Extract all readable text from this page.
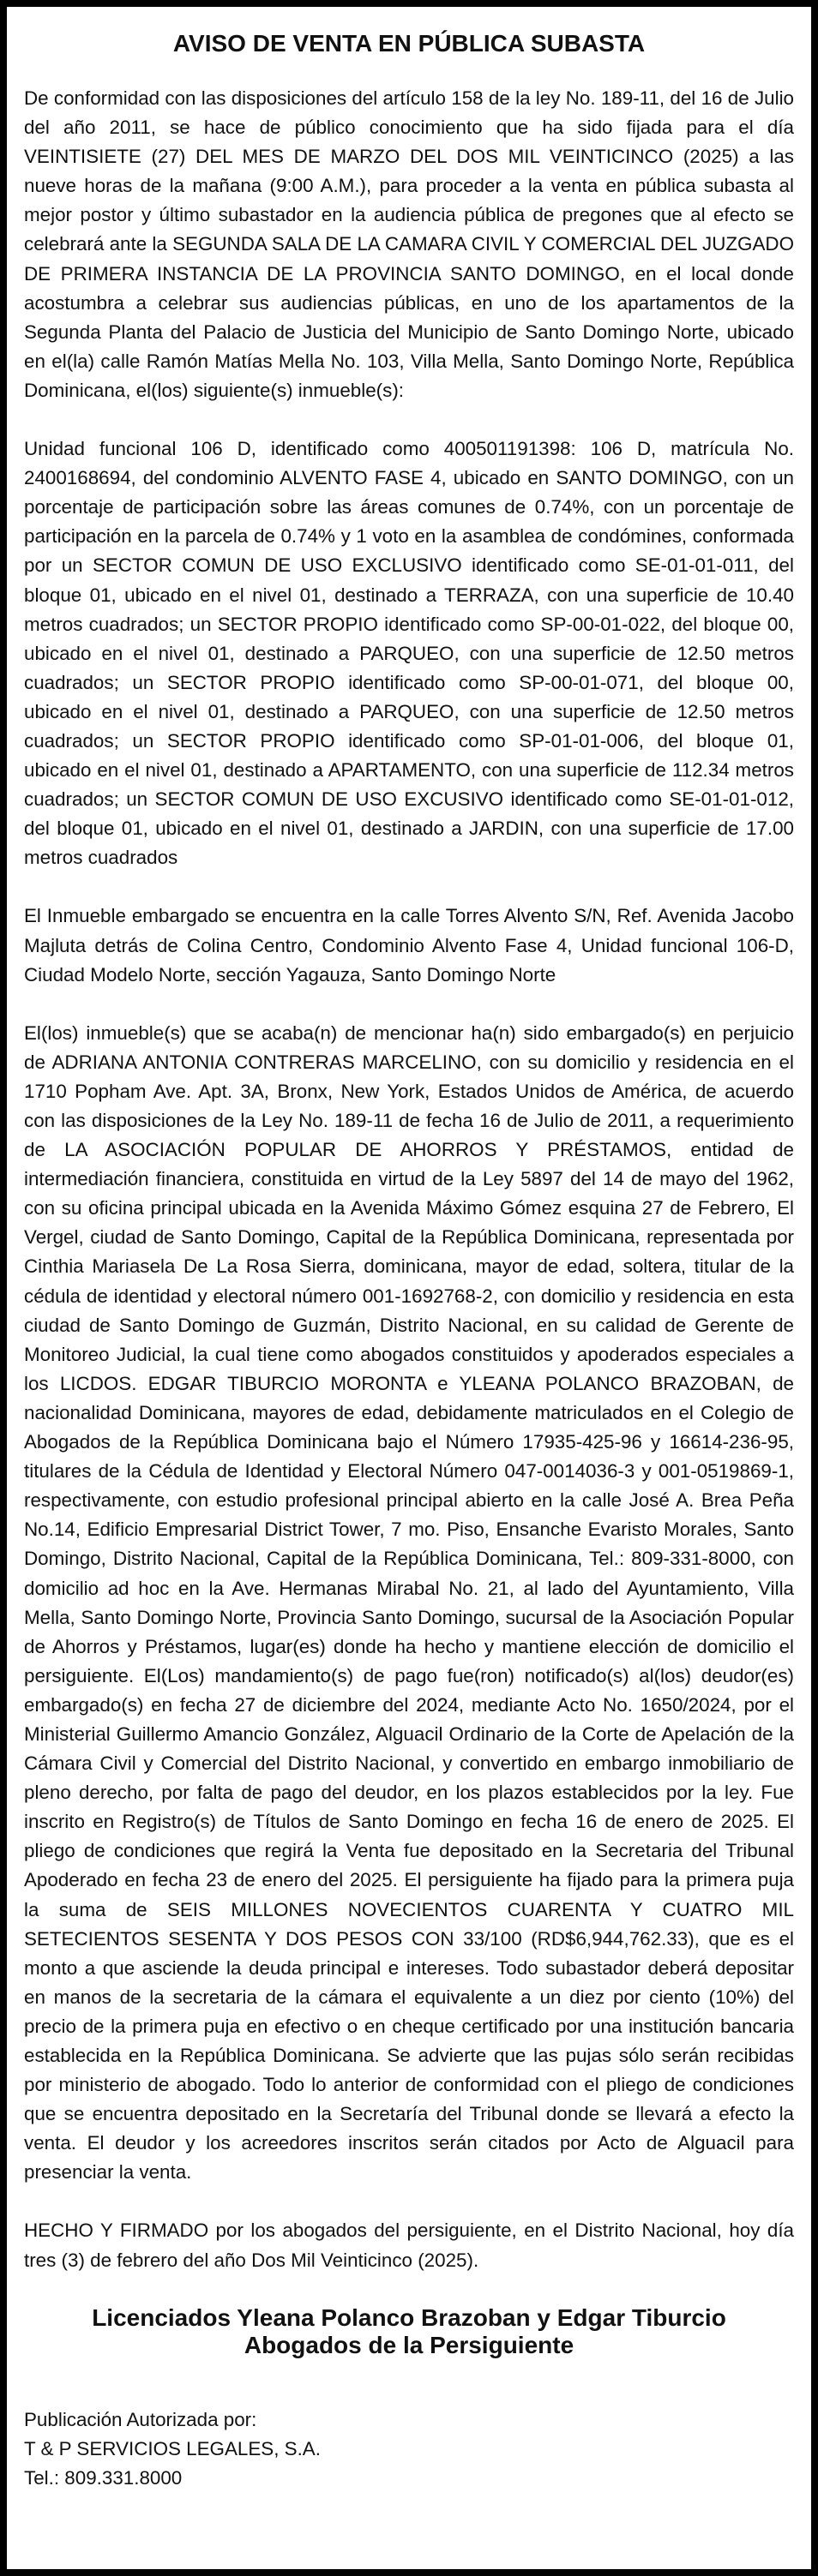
AVISO DE VENTA EN PÚBLICA SUBASTA
De conformidad con las disposiciones del artículo 158 de la ley No. 189-11, del 16 de Julio del año 2011, se hace de público conocimiento que ha sido fijada para el día VEINTISIETE (27) DEL MES DE MARZO DEL DOS MIL VEINTICINCO (2025) a las nueve horas de la mañana (9:00 A.M.), para proceder a la venta en pública subasta al mejor postor y último subastador en la audiencia pública de pregones que al efecto se celebrará ante la SEGUNDA SALA DE LA CAMARA CIVIL Y COMERCIAL DEL JUZGADO DE PRIMERA INSTANCIA DE LA PROVINCIA SANTO DOMINGO, en el local donde acostumbra a celebrar sus audiencias públicas, en uno de los apartamentos de la Segunda Planta del Palacio de Justicia del Municipio de Santo Domingo Norte, ubicado en el(la) calle Ramón Matías Mella No. 103, Villa Mella, Santo Domingo Norte, República Dominicana, el(los) siguiente(s) inmueble(s):
Unidad funcional 106 D, identificado como 400501191398: 106 D, matrícula No. 2400168694, del condominio ALVENTO FASE 4, ubicado en SANTO DOMINGO, con un porcentaje de participación sobre las áreas comunes de 0.74%, con un porcentaje de participación en la parcela de 0.74% y 1 voto en la asamblea de condómines, conformada por un SECTOR COMUN DE USO EXCLUSIVO identificado como SE-01-01-011, del bloque 01, ubicado en el nivel 01, destinado a TERRAZA, con una superficie de 10.40 metros cuadrados; un SECTOR PROPIO identificado como SP-00-01-022, del bloque 00, ubicado en el nivel 01, destinado a PARQUEO, con una superficie de 12.50 metros cuadrados; un SECTOR PROPIO identificado como SP-00-01-071, del bloque 00, ubicado en el nivel 01, destinado a PARQUEO, con una superficie de 12.50 metros cuadrados; un SECTOR PROPIO identificado como SP-01-01-006, del bloque 01, ubicado en el nivel 01, destinado a APARTAMENTO, con una superficie de 112.34 metros cuadrados; un SECTOR COMUN DE USO EXCUSIVO identificado como SE-01-01-012, del bloque 01, ubicado en el nivel 01, destinado a JARDIN, con una superficie de 17.00 metros cuadrados
El Inmueble embargado se encuentra en la calle Torres Alvento S/N, Ref. Avenida Jacobo Majluta detrás de Colina Centro, Condominio Alvento Fase 4, Unidad funcional 106-D, Ciudad Modelo Norte, sección Yagauza, Santo Domingo Norte
El(los) inmueble(s) que se acaba(n) de mencionar ha(n) sido embargado(s) en perjuicio de ADRIANA ANTONIA CONTRERAS MARCELINO, con su domicilio y residencia en el 1710 Popham Ave. Apt. 3A, Bronx, New York, Estados Unidos de América, de acuerdo con las disposiciones de la Ley No. 189-11 de fecha 16 de Julio de 2011, a requerimiento de LA ASOCIACIÓN POPULAR DE AHORROS Y PRÉSTAMOS, entidad de intermediación financiera, constituida en virtud de la Ley 5897 del 14 de mayo del 1962, con su oficina principal ubicada en la Avenida Máximo Gómez esquina 27 de Febrero, El Vergel, ciudad de Santo Domingo, Capital de la República Dominicana, representada por Cinthia Mariasela De La Rosa Sierra, dominicana, mayor de edad, soltera, titular de la cédula de identidad y electoral número 001-1692768-2, con domicilio y residencia en esta ciudad de Santo Domingo de Guzmán, Distrito Nacional, en su calidad de Gerente de Monitoreo Judicial, la cual tiene como abogados constituidos y apoderados especiales a los LICDOS. EDGAR TIBURCIO MORONTA e YLEANA POLANCO BRAZOBAN, de nacionalidad Dominicana, mayores de edad, debidamente matriculados en el Colegio de Abogados de la República Dominicana bajo el Número 17935-425-96 y 16614-236-95, titulares de la Cédula de Identidad y Electoral Número 047-0014036-3 y 001-0519869-1, respectivamente, con estudio profesional principal abierto en la calle José A. Brea Peña No.14, Edificio Empresarial District Tower, 7 mo. Piso, Ensanche Evaristo Morales, Santo Domingo, Distrito Nacional, Capital de la República Dominicana, Tel.: 809-331-8000, con domicilio ad hoc en la Ave. Hermanas Mirabal No. 21, al lado del Ayuntamiento, Villa Mella, Santo Domingo Norte, Provincia Santo Domingo, sucursal de la Asociación Popular de Ahorros y Préstamos, lugar(es) donde ha hecho y mantiene elección de domicilio el persiguiente. El(Los) mandamiento(s) de pago fue(ron) notificado(s) al(los) deudor(es) embargado(s) en fecha 27 de diciembre del 2024, mediante Acto No. 1650/2024, por el Ministerial Guillermo Amancio González, Alguacil Ordinario de la Corte de Apelación de la Cámara Civil y Comercial del Distrito Nacional, y convertido en embargo inmobiliario de pleno derecho, por falta de pago del deudor, en los plazos establecidos por la ley. Fue inscrito en Registro(s) de Títulos de Santo Domingo en fecha 16 de enero de 2025. El pliego de condiciones que regirá la Venta fue depositado en la Secretaria del Tribunal Apoderado en fecha 23 de enero del 2025. El persiguiente ha fijado para la primera puja la suma de SEIS MILLONES NOVECIENTOS CUARENTA Y CUATRO MIL SETECIENTOS SESENTA Y DOS PESOS CON 33/100 (RD$6,944,762.33), que es el monto a que asciende la deuda principal e intereses. Todo subastador deberá depositar en manos de la secretaria de la cámara el equivalente a un diez por ciento (10%) del precio de la primera puja en efectivo o en cheque certificado por una institución bancaria establecida en la República Dominicana. Se advierte que las pujas sólo serán recibidas por ministerio de abogado. Todo lo anterior de conformidad con el pliego de condiciones que se encuentra depositado en la Secretaría del Tribunal donde se llevará a efecto la venta. El deudor y los acreedores inscritos serán citados por Acto de Alguacil para presenciar la venta.
HECHO Y FIRMADO por los abogados del persiguiente, en el Distrito Nacional, hoy día tres (3) de febrero del año Dos Mil Veinticinco (2025).
Licenciados Yleana Polanco Brazoban y Edgar Tiburcio
Abogados de la Persiguiente
Publicación Autorizada por:
T & P SERVICIOS LEGALES, S.A.
Tel.: 809.331.8000
